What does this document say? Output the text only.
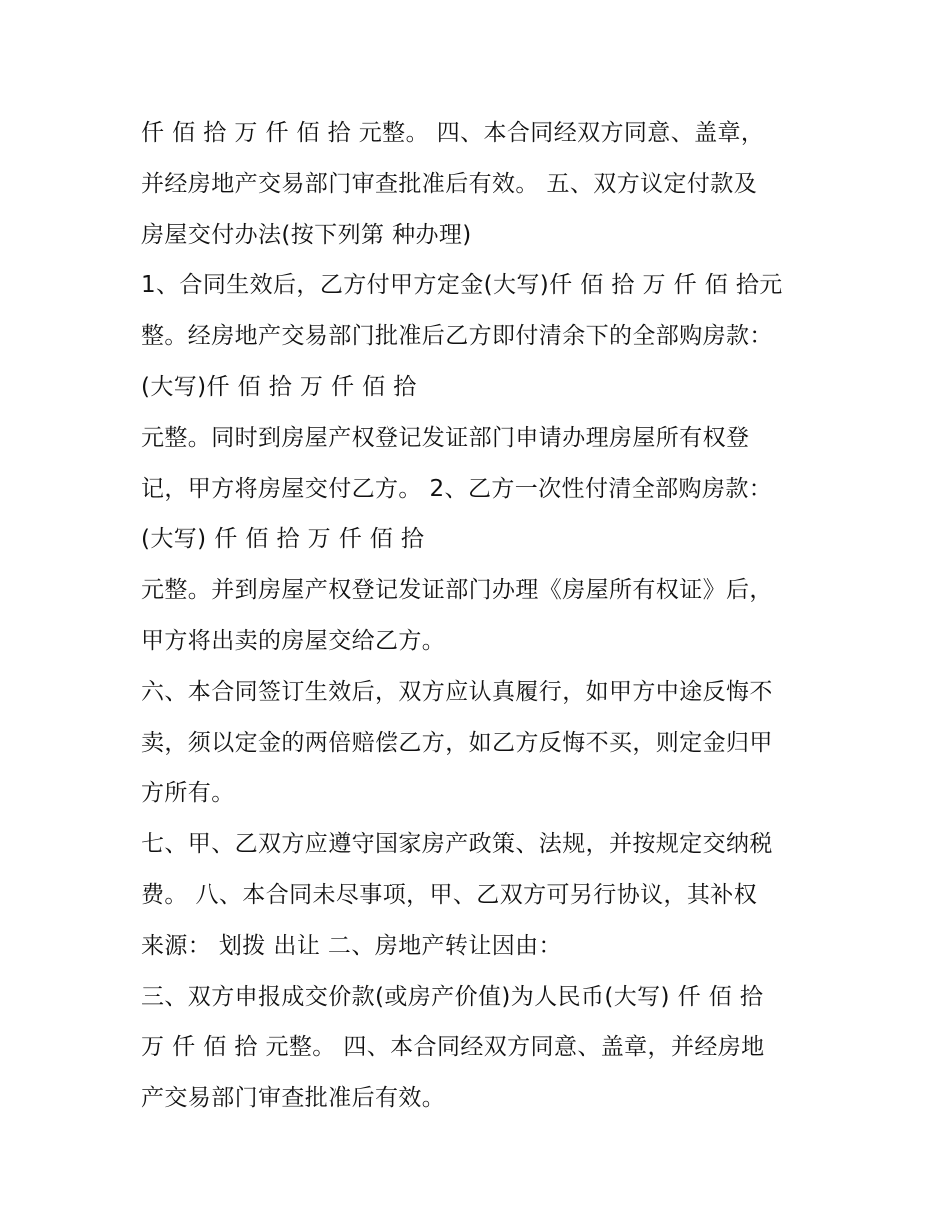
仟 佰 拾 万 仟 佰 拾 元整。 四、本合同经双方同意、盖章，
并经房地产交易部门审查批准后有效。 五、双方议定付款及
房屋交付办法(按下列第 种办理)
1、合同生效后，乙方付甲方定金(大写)仟 佰 拾 万 仟 佰 拾元
整。经房地产交易部门批准后乙方即付清余下的全部购房款：
(大写)仟 佰 拾 万 仟 佰 拾
元整。同时到房屋产权登记发证部门申请办理房屋所有权登
记，甲方将房屋交付乙方。 2、乙方一次性付清全部购房款：
(大写) 仟 佰 拾 万 仟 佰 拾
元整。并到房屋产权登记发证部门办理《房屋所有权证》后，
甲方将出卖的房屋交给乙方。
六、本合同签订生效后，双方应认真履行，如甲方中途反悔不
卖，须以定金的两倍赔偿乙方，如乙方反悔不买，则定金归甲
方所有。
七、甲、乙双方应遵守国家房产政策、法规，并按规定交纳税
费。 八、本合同未尽事项，甲、乙双方可另行协议，其补权
来源： 划拨 出让 二、房地产转让因由：
三、双方申报成交价款(或房产价值)为人民币(大写) 仟 佰 拾
万 仟 佰 拾 元整。 四、本合同经双方同意、盖章，并经房地
产交易部门审查批准后有效。
